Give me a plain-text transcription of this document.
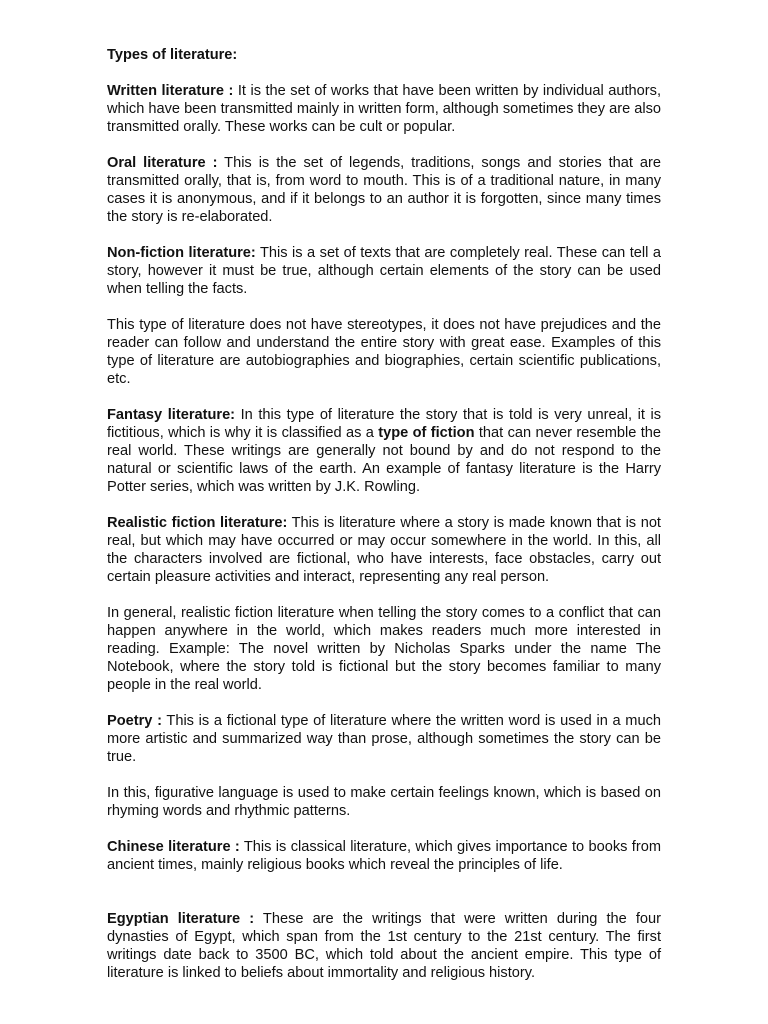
Types of literature:

Written literature : It is the set of works that have been written by individual authors, which have been transmitted mainly in written form, although sometimes they are also transmitted orally. These works can be cult or popular.

Oral literature : This is the set of legends, traditions, songs and stories that are transmitted orally, that is, from word to mouth. This is of a traditional nature, in many cases it is anonymous, and if it belongs to an author it is forgotten, since many times the story is re-elaborated.

Non-fiction literature: This is a set of texts that are completely real. These can tell a story, however it must be true, although certain elements of the story can be used when telling the facts.

This type of literature does not have stereotypes, it does not have prejudices and the reader can follow and understand the entire story with great ease. Examples of this type of literature are autobiographies and biographies, certain scientific publications, etc.

Fantasy literature: In this type of literature the story that is told is very unreal, it is fictitious, which is why it is classified as a type of fiction that can never resemble the real world. These writings are generally not bound by and do not respond to the natural or scientific laws of the earth. An example of fantasy literature is the Harry Potter series, which was written by J.K. Rowling.

Realistic fiction literature: This is literature where a story is made known that is not real, but which may have occurred or may occur somewhere in the world. In this, all the characters involved are fictional, who have interests, face obstacles, carry out certain pleasure activities and interact, representing any real person.

In general, realistic fiction literature when telling the story comes to a conflict that can happen anywhere in the world, which makes readers much more interested in reading. Example: The novel written by Nicholas Sparks under the name The Notebook, where the story told is fictional but the story becomes familiar to many people in the real world.

Poetry : This is a fictional type of literature where the written word is used in a much more artistic and summarized way than prose, although sometimes the story can be true.

In this, figurative language is used to make certain feelings known, which is based on rhyming words and rhythmic patterns.

Chinese literature : This is classical literature, which gives importance to books from ancient times, mainly religious books which reveal the principles of life.

Egyptian literature : These are the writings that were written during the four dynasties of Egypt, which span from the 1st century to the 21st century. The first writings date back to 3500 BC, which told about the ancient empire. This type of literature is linked to beliefs about immortality and religious history.
